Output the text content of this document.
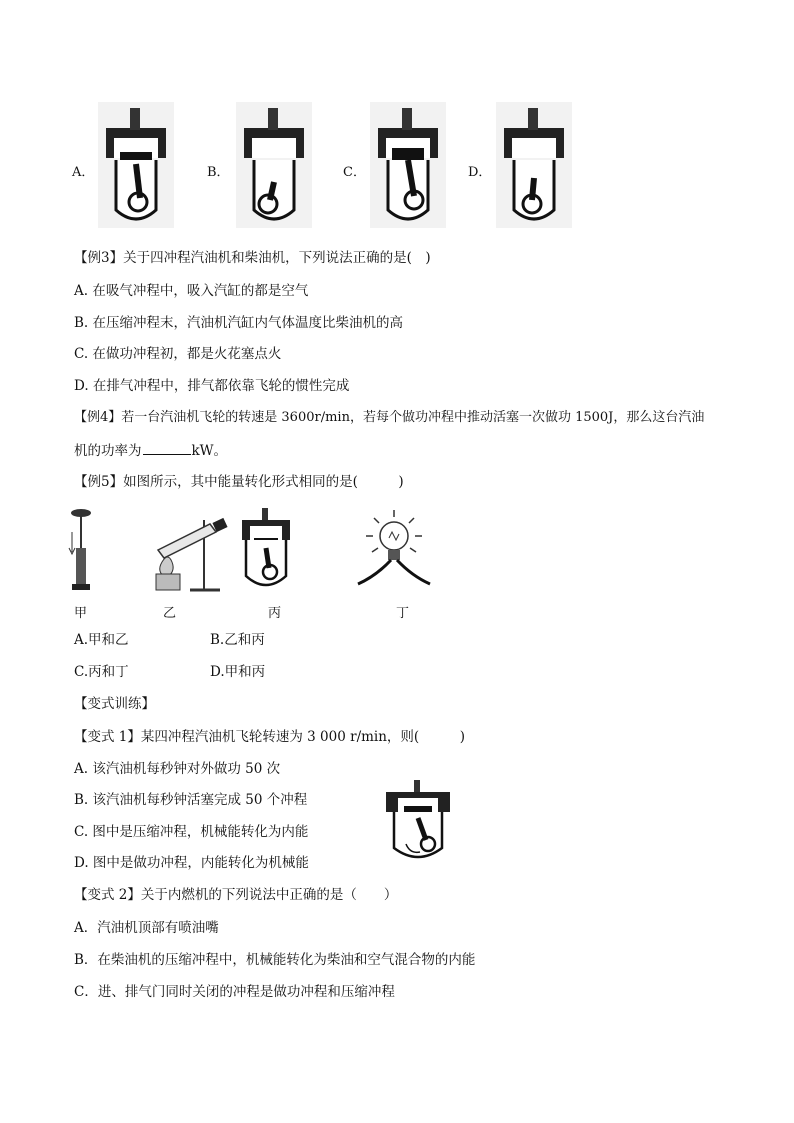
A．	B．	C．	D．
【例3】关于四冲程汽油机和柴油机，下列说法正确的是(　)
A. 在吸气冲程中，吸入汽缸的都是空气
B. 在压缩冲程末，汽油机汽缸内气体温度比柴油机的高
C. 在做功冲程初，都是火花塞点火
D. 在排气冲程中，排气都依靠飞轮的惯性完成
【例4】若一台汽油机飞轮的转速是 3600r/min，若每个做功冲程中推动活塞一次做功 1500J，那么这台汽油
机的功率为	kW。
【例5】如图所示，其中能量转化形式相同的是(　　　)
甲	乙	丙	丁
A.甲和乙	B.乙和丙
C.丙和丁	D.甲和丙
【变式训练】
【变式 1】某四冲程汽油机飞轮转速为 3 000 r/min，则(　　　)
A. 该汽油机每秒钟对外做功 50 次
B. 该汽油机每秒钟活塞完成 50 个冲程
C. 图中是压缩冲程，机械能转化为内能
D. 图中是做功冲程，内能转化为机械能
【变式 2】关于内燃机的下列说法中正确的是（　　）
A．汽油机顶部有喷油嘴
B．在柴油机的压缩冲程中，机械能转化为柴油和空气混合物的内能
C．进、排气门同时关闭的冲程是做功冲程和压缩冲程
